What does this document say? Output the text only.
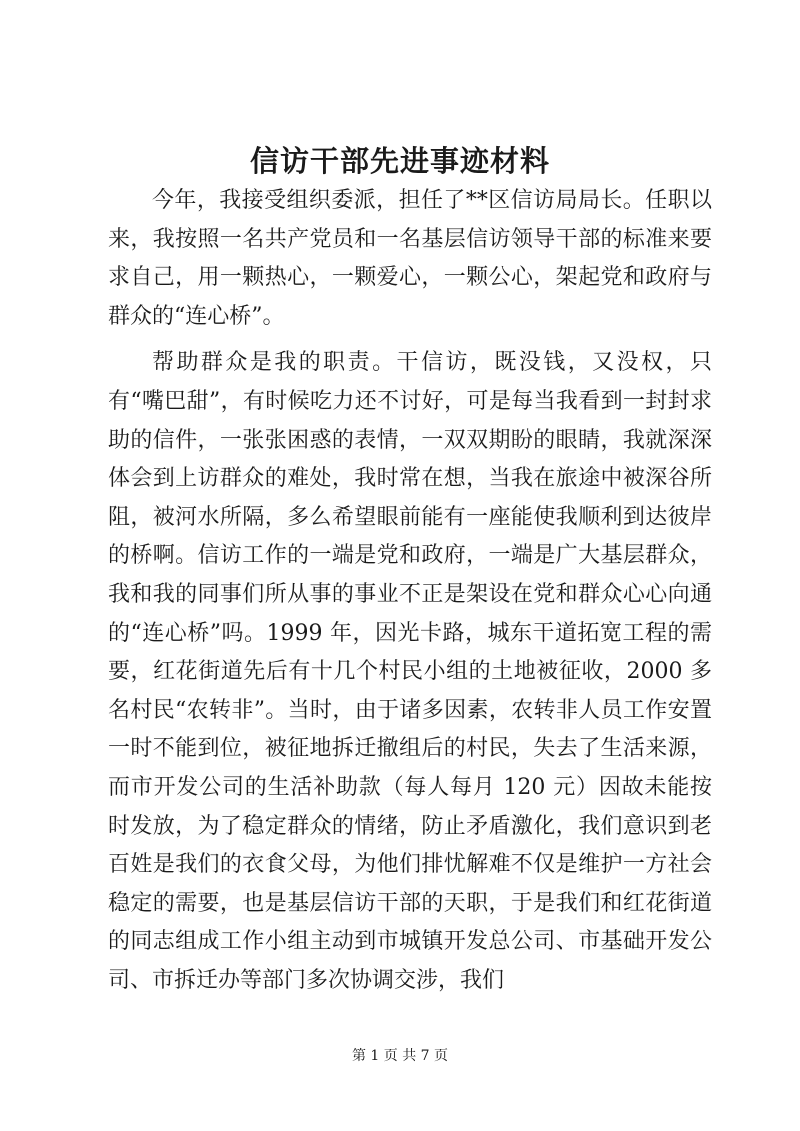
信访干部先进事迹材料

今年，我接受组织委派，担任了**区信访局局长。任职以来，我按照一名共产党员和一名基层信访领导干部的标准来要求自己，用一颗热心，一颗爱心，一颗公心，架起党和政府与群众的“连心桥”。

帮助群众是我的职责。干信访，既没钱，又没权，只有“嘴巴甜”，有时候吃力还不讨好，可是每当我看到一封封求助的信件，一张张困惑的表情，一双双期盼的眼睛，我就深深体会到上访群众的难处，我时常在想，当我在旅途中被深谷所阻，被河水所隔，多么希望眼前能有一座能使我顺利到达彼岸的桥啊。信访工作的一端是党和政府，一端是广大基层群众，我和我的同事们所从事的事业不正是架设在党和群众心心向通的“连心桥”吗。1999 年，因光卡路，城东干道拓宽工程的需要，红花街道先后有十几个村民小组的土地被征收，2000 多名村民“农转非”。当时，由于诸多因素，农转非人员工作安置一时不能到位，被征地拆迁撤组后的村民，失去了生活来源，而市开发公司的生活补助款（每人每月 120 元）因故未能按时发放，为了稳定群众的情绪，防止矛盾激化，我们意识到老百姓是我们的衣食父母，为他们排忧解难不仅是维护一方社会稳定的需要，也是基层信访干部的天职，于是我们和红花街道的同志组成工作小组主动到市城镇开发总公司、市基础开发公司、市拆迁办等部门多次协调交涉，我们

第 1 页 共 7 页
